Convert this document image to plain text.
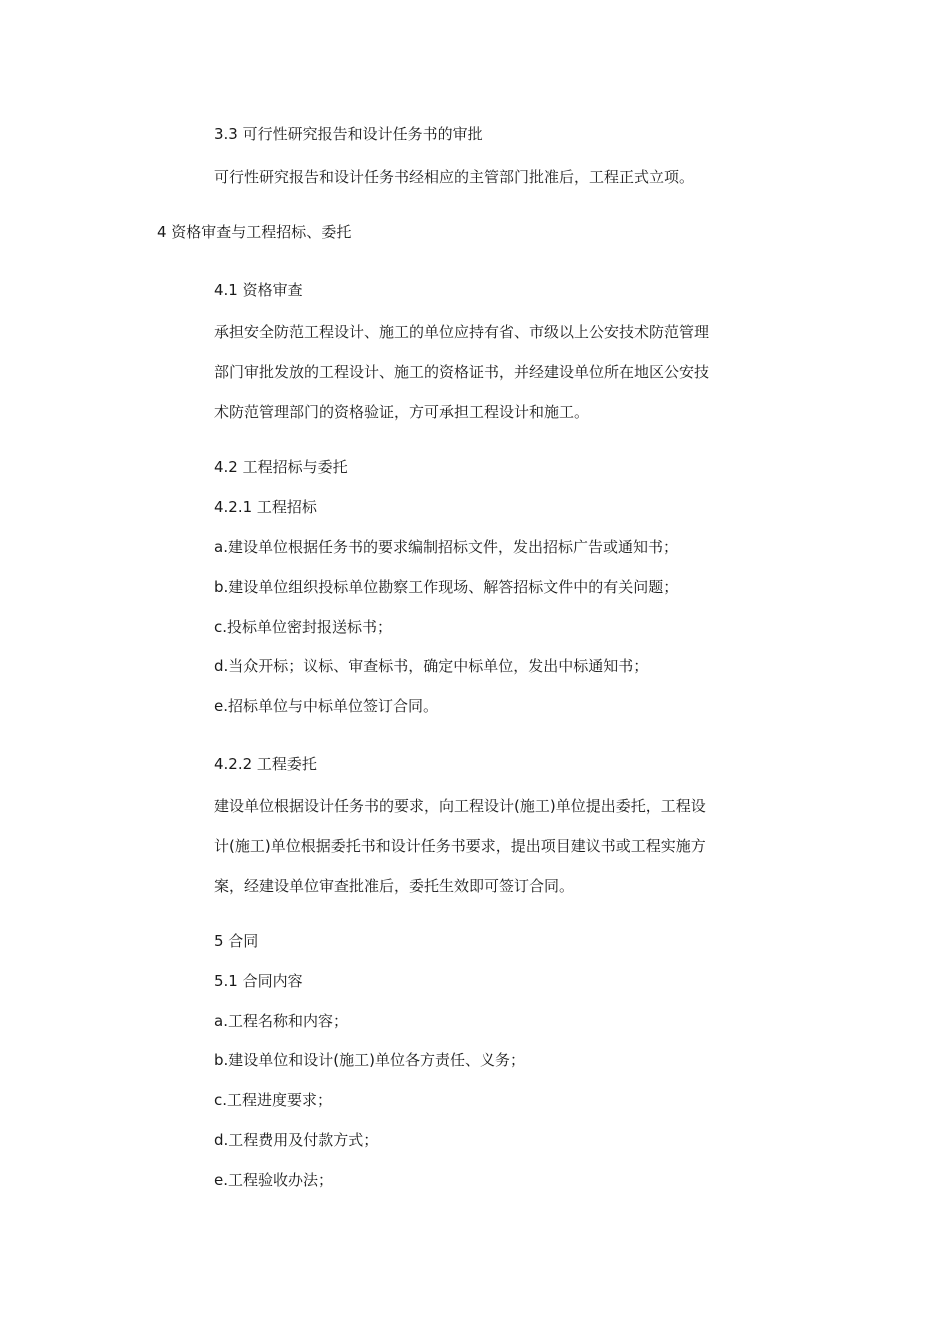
3.3 可行性研究报告和设计任务书的审批

可行性研究报告和设计任务书经相应的主管部门批准后，工程正式立项。

4 资格审查与工程招标、委托

4.1 资格审查

承担安全防范工程设计、施工的单位应持有省、市级以上公安技术防范管理

部门审批发放的工程设计、施工的资格证书，并经建设单位所在地区公安技

术防范管理部门的资格验证，方可承担工程设计和施工。

4.2 工程招标与委托

4.2.1 工程招标

a.建设单位根据任务书的要求编制招标文件，发出招标广告或通知书；

b.建设单位组织投标单位勘察工作现场、解答招标文件中的有关问题；

c.投标单位密封报送标书；

d.当众开标；议标、审查标书，确定中标单位，发出中标通知书；

e.招标单位与中标单位签订合同。

4.2.2 工程委托

建设单位根据设计任务书的要求，向工程设计(施工)单位提出委托，工程设

计(施工)单位根据委托书和设计任务书要求，提出项目建议书或工程实施方

案，经建设单位审查批准后，委托生效即可签订合同。

5 合同

5.1 合同内容

a.工程名称和内容；

b.建设单位和设计(施工)单位各方责任、义务；

c.工程进度要求；

d.工程费用及付款方式；

e.工程验收办法；
